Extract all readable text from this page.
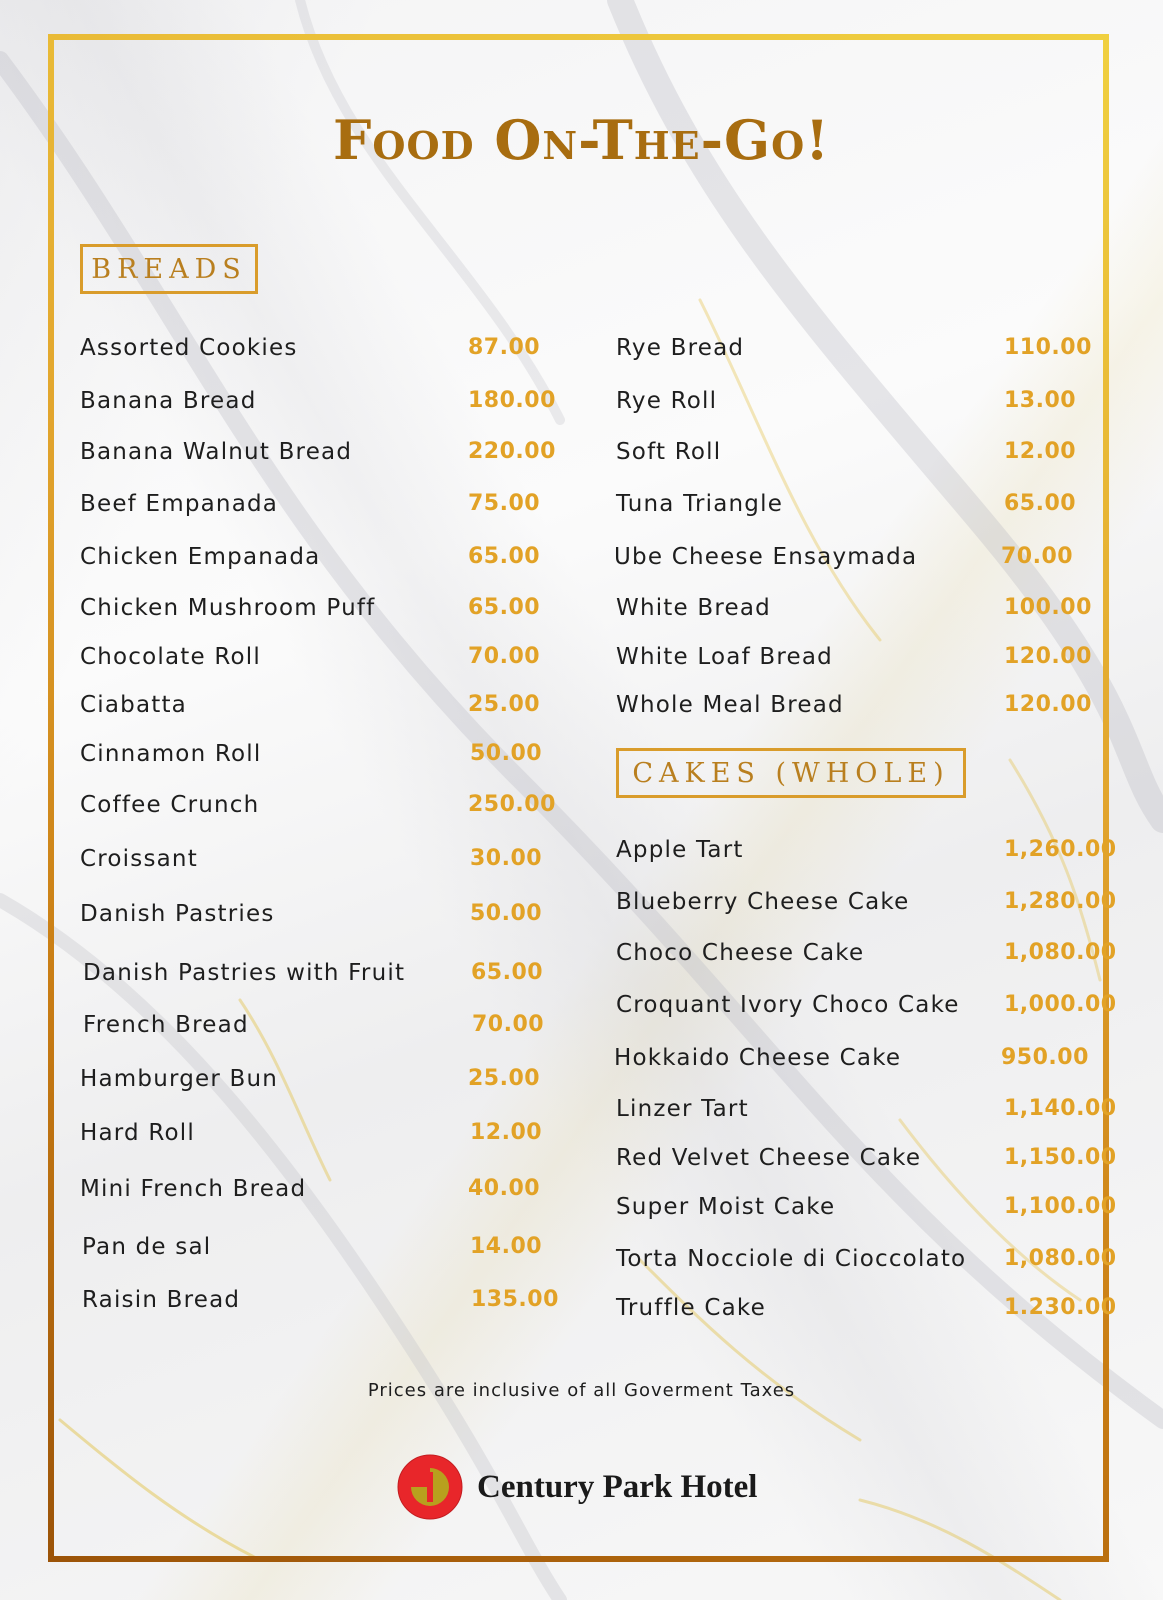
Food On-The-Go!
BREADS
Assorted Cookies	87.00
Banana Bread	180.00
Banana Walnut Bread	220.00
Beef Empanada	75.00
Chicken Empanada	65.00
Chicken Mushroom Puff	65.00
Chocolate Roll	70.00
Ciabatta	25.00
Cinnamon Roll	50.00
Coffee Crunch	250.00
Croissant	30.00
Danish Pastries	50.00
Danish Pastries with Fruit	65.00
French Bread	70.00
Hamburger Bun	25.00
Hard Roll	12.00
Mini French Bread	40.00
Pan de sal	14.00
Raisin Bread	135.00
Rye Bread	110.00
Rye Roll	13.00
Soft Roll	12.00
Tuna Triangle	65.00
Ube Cheese Ensaymada	70.00
White Bread	100.00
White Loaf Bread	120.00
Whole Meal Bread	120.00
CAKES (WHOLE)
Apple Tart	1,260.00
Blueberry Cheese Cake	1,280.00
Choco Cheese Cake	1,080.00
Croquant Ivory Choco Cake 1,000.00
Hokkaido Cheese Cake	950.00
Linzer Tart	1,140.00
Red Velvet Cheese Cake	1,150.00
Super Moist Cake	1,100.00
Torta Nocciole di Cioccolato 1,080.00
Truffle Cake	1.230.00
Prices are inclusive of all Goverment Taxes
Century Park Hotel
